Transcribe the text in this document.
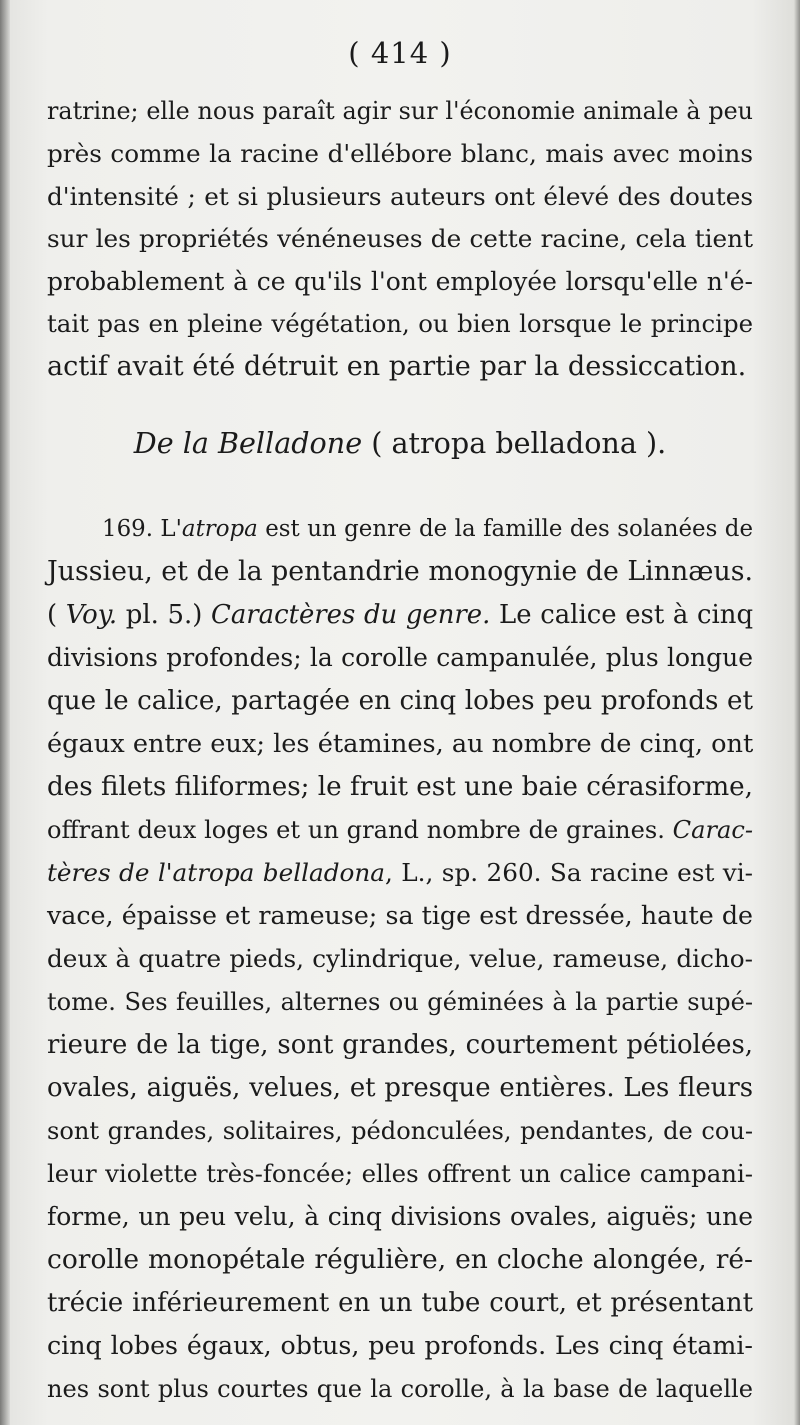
( 414 )
ratrine; elle nous paraît agir sur l'économie animale à peu
près comme la racine d'ellébore blanc, mais avec moins
d'intensité ; et si plusieurs auteurs ont élevé des doutes
sur les propriétés vénéneuses de cette racine, cela tient
probablement à ce qu'ils l'ont employée lorsqu'elle n'é-
tait pas en pleine végétation, ou bien lorsque le principe
actif avait été détruit en partie par la dessiccation.
De la Belladone ( atropa belladona ).
169. L'atropa est un genre de la famille des solanées de
Jussieu, et de la pentandrie monogynie de Linnæus.
( Voy. pl. 5.) Caractères du genre. Le calice est à cinq
divisions profondes; la corolle campanulée, plus longue
que le calice, partagée en cinq lobes peu profonds et
égaux entre eux; les étamines, au nombre de cinq, ont
des filets filiformes; le fruit est une baie cérasiforme,
offrant deux loges et un grand nombre de graines. Carac-
tères de l'atropa belladona, L., sp. 260. Sa racine est vi-
vace, épaisse et rameuse; sa tige est dressée, haute de
deux à quatre pieds, cylindrique, velue, rameuse, dicho-
tome. Ses feuilles, alternes ou géminées à la partie supé-
rieure de la tige, sont grandes, courtement pétiolées,
ovales, aiguës, velues, et presque entières. Les fleurs
sont grandes, solitaires, pédonculées, pendantes, de cou-
leur violette très-foncée; elles offrent un calice campani-
forme, un peu velu, à cinq divisions ovales, aiguës; une
corolle monopétale régulière, en cloche alongée, ré-
trécie inférieurement en un tube court, et présentant
cinq lobes égaux, obtus, peu profonds. Les cinq étami-
nes sont plus courtes que la corolle, à la base de laquelle
